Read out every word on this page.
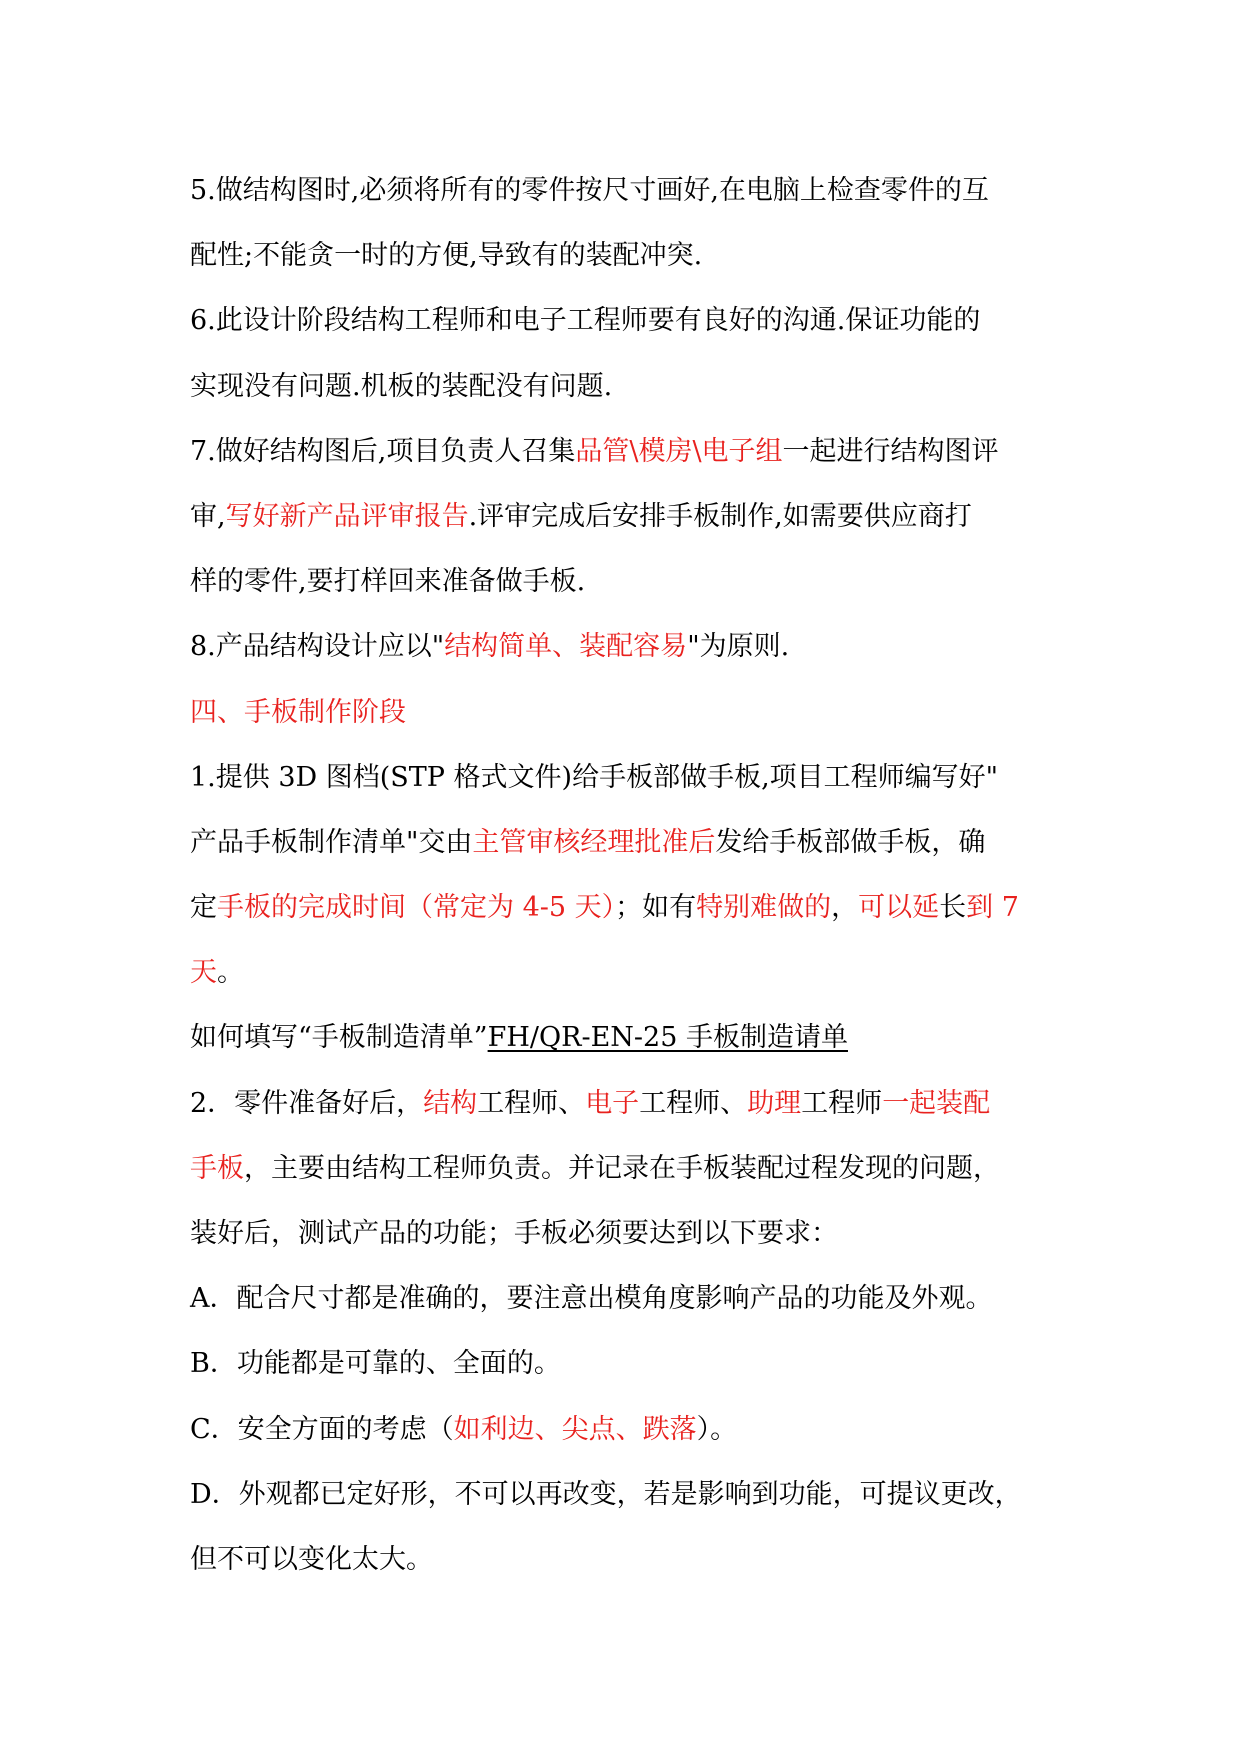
5.做结构图时,必须将所有的零件按尺寸画好,在电脑上检查零件的互
配性;不能贪一时的方便,导致有的装配冲突.
6.此设计阶段结构工程师和电子工程师要有良好的沟通.保证功能的
实现没有问题.机板的装配没有问题.
7.做好结构图后,项目负责人召集品管\模房\电子组一起进行结构图评
审,写好新产品评审报告.评审完成后安排手板制作,如需要供应商打
样的零件,要打样回来准备做手板.
8.产品结构设计应以"结构简单、装配容易"为原则.
四、手板制作阶段
1.提供 3D 图档(STP 格式文件)给手板部做手板,项目工程师编写好"
产品手板制作清单"交由主管审核经理批准后发给手板部做手板，确
定手板的完成时间（常定为 4-5 天）；如有特别难做的，可以延长到 7
天。
如何填写“手板制造清单”FH/QR-EN-25 手板制造请单
2．零件准备好后，结构工程师、电子工程师、助理工程师一起装配
手板，主要由结构工程师负责。并记录在手板装配过程发现的问题，
装好后，测试产品的功能；手板必须要达到以下要求：
A．配合尺寸都是准确的，要注意出模角度影响产品的功能及外观。
B．功能都是可靠的、全面的。
C．安全方面的考虑（如利边、尖点、跌落）。
D．外观都已定好形，不可以再改变，若是影响到功能，可提议更改，
但不可以变化太大。
